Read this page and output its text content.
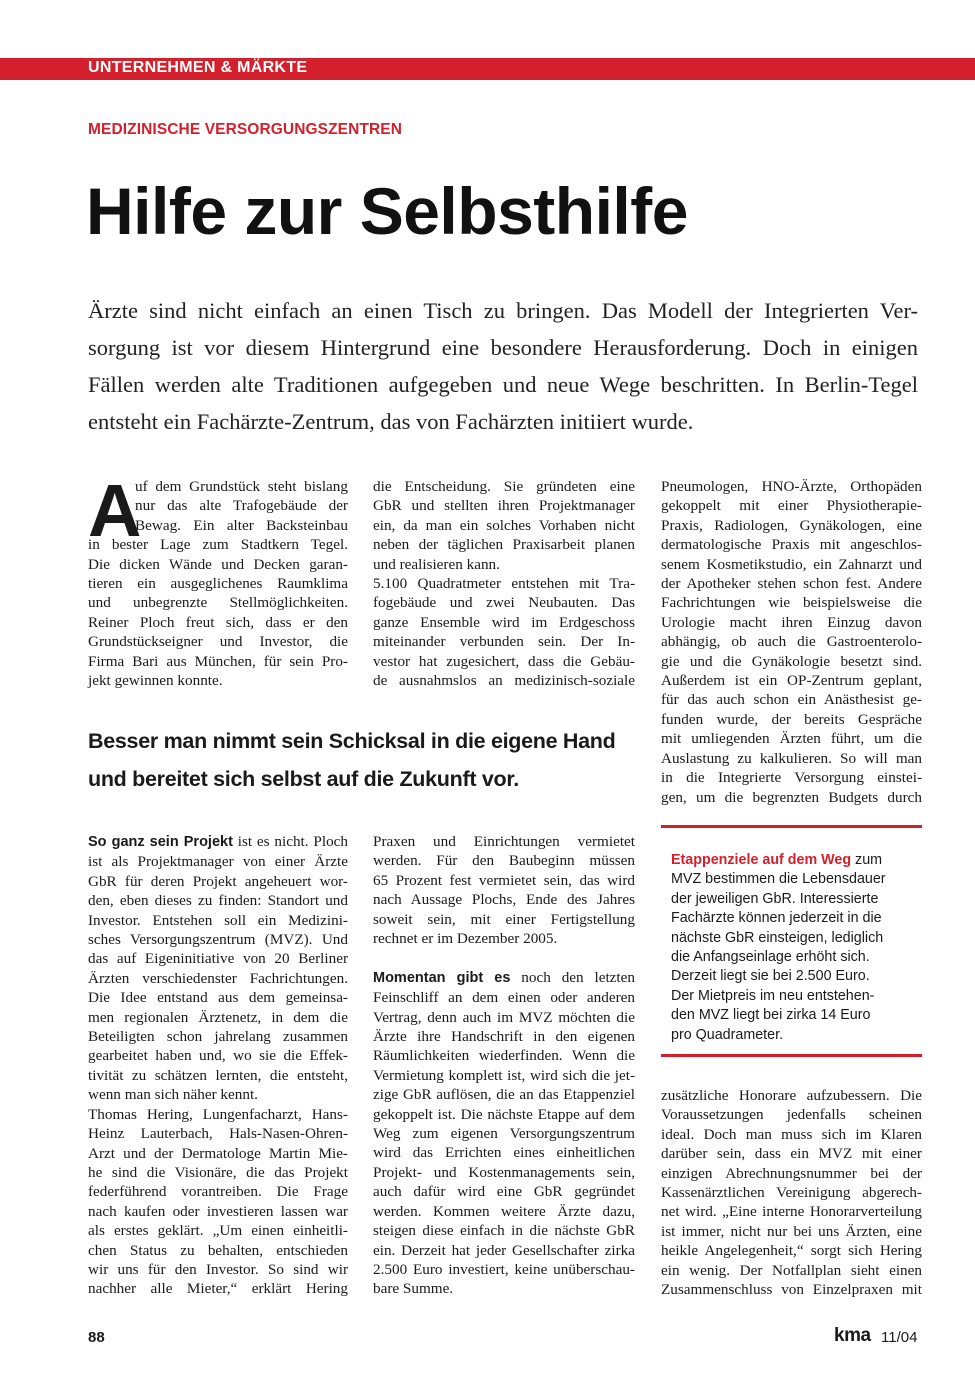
UNTERNEHMEN & MÄRKTE
MEDIZINISCHE VERSORGUNGSZENTREN
Hilfe zur Selbsthilfe
Ärzte sind nicht einfach an einen Tisch zu bringen. Das Modell der Integrierten Ver-
sorgung ist vor diesem Hintergrund eine besondere Herausforderung. Doch in einigen
Fällen werden alte Traditionen aufgegeben und neue Wege beschritten. In Berlin-Tegel
entsteht ein Fachärzte-Zentrum, das von Fachärzten initiiert wurde.
A
uf dem Grundstück steht bislang
nur das alte Trafogebäude der
Bewag. Ein alter Backsteinbau
in bester Lage zum Stadtkern Tegel.
Die dicken Wände und Decken garan-
tieren ein ausgeglichenes Raumklima
und unbegrenzte Stellmöglichkeiten.
Reiner Ploch freut sich, dass er den
Grundstückseigner und Investor, die
Firma Bari aus München, für sein Pro-
jekt gewinnen konnte.
die Entscheidung. Sie gründeten eine
GbR und stellten ihren Projektmanager
ein, da man ein solches Vorhaben nicht
neben der täglichen Praxisarbeit planen
und realisieren kann.
5.100 Quadratmeter entstehen mit Tra-
fogebäude und zwei Neubauten. Das
ganze Ensemble wird im Erdgeschoss
miteinander verbunden sein. Der In-
vestor hat zugesichert, dass die Gebäu-
de ausnahmslos an medizinisch-soziale
Pneumologen, HNO-Ärzte, Orthopäden
gekoppelt mit einer Physiotherapie-
Praxis, Radiologen, Gynäkologen, eine
dermatologische Praxis mit angeschlos-
senem Kosmetikstudio, ein Zahnarzt und
der Apotheker stehen schon fest. Andere
Fachrichtungen wie beispielsweise die
Urologie macht ihren Einzug davon
abhängig, ob auch die Gastroenterolo-
gie und die Gynäkologie besetzt sind.
Außerdem ist ein OP-Zentrum geplant,
für das auch schon ein Anästhesist ge-
funden wurde, der bereits Gespräche
mit umliegenden Ärzten führt, um die
Auslastung zu kalkulieren. So will man
in die Integrierte Versorgung einstei-
gen, um die begrenzten Budgets durch
Besser man nimmt sein Schicksal in die eigene Hand
und bereitet sich selbst auf die Zukunft vor.
So ganz sein Projekt ist es nicht. Ploch
ist als Projektmanager von einer Ärzte
GbR für deren Projekt angeheuert wor-
den, eben dieses zu finden: Standort und
Investor. Entstehen soll ein Medizini-
sches Versorgungszentrum (MVZ). Und
das auf Eigeninitiative von 20 Berliner
Ärzten verschiedenster Fachrichtungen.
Die Idee entstand aus dem gemeinsa-
men regionalen Ärztenetz, in dem die
Beteiligten schon jahrelang zusammen
gearbeitet haben und, wo sie die Effek-
tivität zu schätzen lernten, die entsteht,
wenn man sich näher kennt.
Thomas Hering, Lungenfacharzt, Hans-
Heinz Lauterbach, Hals-Nasen-Ohren-
Arzt und der Dermatologe Martin Mie-
he sind die Visionäre, die das Projekt
federführend vorantreiben. Die Frage
nach kaufen oder investieren lassen war
als erstes geklärt. „Um einen einheitli-
chen Status zu behalten, entschieden
wir uns für den Investor. So sind wir
nachher alle Mieter,“ erklärt Hering
Praxen und Einrichtungen vermietet
werden. Für den Baubeginn müssen
65 Prozent fest vermietet sein, das wird
nach Aussage Plochs, Ende des Jahres
soweit sein, mit einer Fertigstellung
rechnet er im Dezember 2005.
Momentan gibt es noch den letzten
Feinschliff an dem einen oder anderen
Vertrag, denn auch im MVZ möchten die
Ärzte ihre Handschrift in den eigenen
Räumlichkeiten wiederfinden. Wenn die
Vermietung komplett ist, wird sich die jet-
zige GbR auflösen, die an das Etappenziel
gekoppelt ist. Die nächste Etappe auf dem
Weg zum eigenen Versorgungszentrum
wird das Errichten eines einheitlichen
Projekt- und Kostenmanagements sein,
auch dafür wird eine GbR gegründet
werden. Kommen weitere Ärzte dazu,
steigen diese einfach in die nächste GbR
ein. Derzeit hat jeder Gesellschafter zirka
2.500 Euro investiert, keine unüberschau-
bare Summe.
Etappenziele auf dem Weg zum
MVZ bestimmen die Lebensdauer
der jeweiligen GbR. Interessierte
Fachärzte können jederzeit in die
nächste GbR einsteigen, lediglich
die Anfangseinlage erhöht sich.
Derzeit liegt sie bei 2.500 Euro.
Der Mietpreis im neu entstehen-
den MVZ liegt bei zirka 14 Euro
pro Quadrameter.
zusätzliche Honorare aufzubessern. Die
Voraussetzungen jedenfalls scheinen
ideal. Doch man muss sich im Klaren
darüber sein, dass ein MVZ mit einer
einzigen Abrechnungsnummer bei der
Kassenärztlichen Vereinigung abgerech-
net wird. „Eine interne Honorarverteilung
ist immer, nicht nur bei uns Ärzten, eine
heikle Angelegenheit,“ sorgt sich Hering
ein wenig. Der Notfallplan sieht einen
Zusammenschluss von Einzelpraxen mit
88	kma 11/04
